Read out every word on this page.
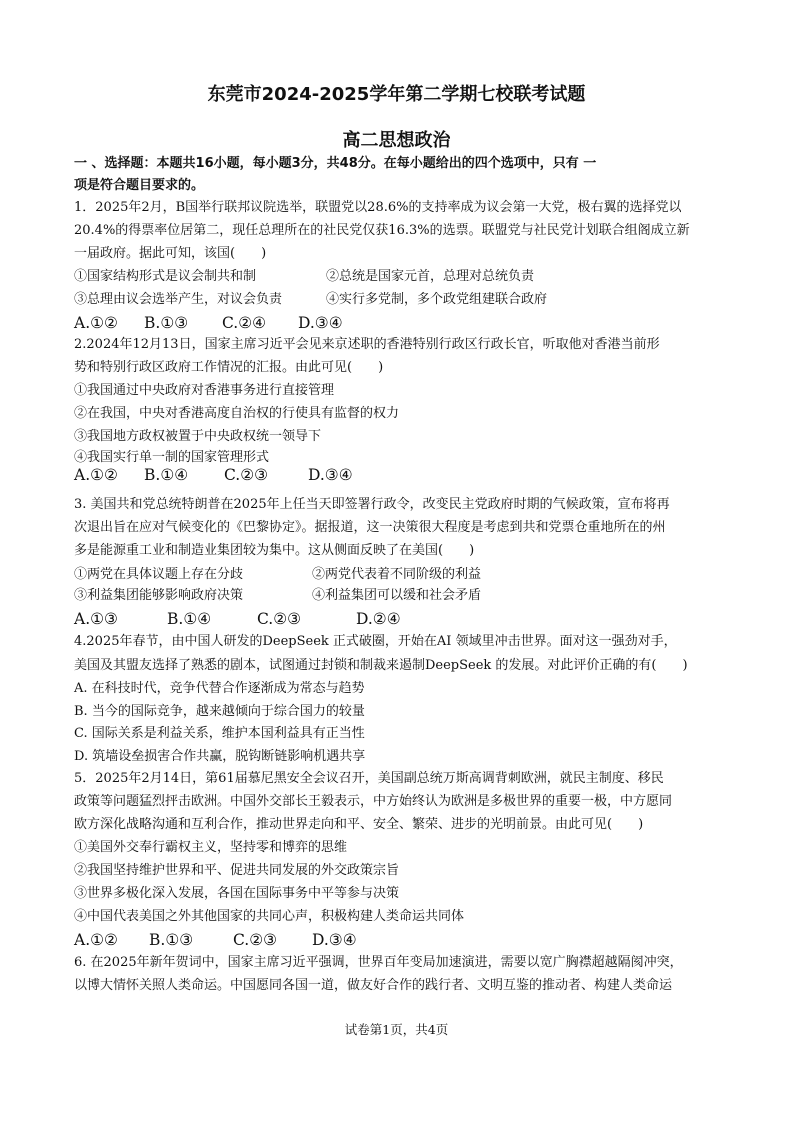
东莞市2024-2025学年第二学期七校联考试题
高二思想政治
一 、选择题：本题共16小题，每小题3分，共48分。在每小题给出的四个选项中，只有 一
项是符合题目要求的。
1．2025年2月，B国举行联邦议院选举，联盟党以28.6%的支持率成为议会第一大党，极右翼的选择党以
20.4%的得票率位居第二，现任总理所在的社民党仅获16.3%的选票。联盟党与社民党计划联合组阁成立新
一届政府。据此可知，该国(　　)
①国家结构形式是议会制共和制	②总统是国家元首，总理对总统负责
③总理由议会选举产生，对议会负责	④实行多党制，多个政党组建联合政府
A.①② B.①③ C.②④ D.③④
2.2024年12月13日，国家主席习近平会见来京述职的香港特别行政区行政长官，听取他对香港当前形
势和特别行政区政府工作情况的汇报。由此可见(　　)
①我国通过中央政府对香港事务进行直接管理
②在我国，中央对香港高度自治权的行使具有监督的权力
③我国地方政权被置于中央政权统一领导下
④我国实行单一制的国家管理形式
A.①② B.①④ C.②③	D.③④
3. 美国共和党总统特朗普在2025年上任当天即签署行政令，改变民主党政府时期的气候政策，宣布将再
次退出旨在应对气候变化的《巴黎协定》。据报道，这一决策很大程度是考虑到共和党票仓重地所在的州
多是能源重工业和制造业集团较为集中。这从侧面反映了在美国(　　)
①两党在具体议题上存在分歧	②两党代表着不同阶级的利益
③利益集团能够影响政府决策	④利益集团可以缓和社会矛盾
A.①③	B.①④	C.②③	D.②④
4.2025年春节，由中国人研发的DeepSeek 正式破圈，开始在AI 领域里冲击世界。面对这一强劲对手，
美国及其盟友选择了熟悉的剧本，试图通过封锁和制裁来遏制DeepSeek 的发展。对此评价正确的有(　　)
A. 在科技时代，竞争代替合作逐渐成为常态与趋势
B. 当今的国际竞争，越来越倾向于综合国力的较量
C. 国际关系是利益关系，维护本国利益具有正当性
D. 筑墙设垒损害合作共赢，脱钩断链影响机遇共享
5．2025年2月14日，第61届慕尼黑安全会议召开，美国副总统万斯高调背刺欧洲，就民主制度、移民
政策等问题猛烈抨击欧洲。中国外交部长王毅表示，中方始终认为欧洲是多极世界的重要一极，中方愿同
欧方深化战略沟通和互利合作，推动世界走向和平、安全、繁荣、进步的光明前景。由此可见(　　)
①美国外交奉行霸权主义，坚持零和博弈的思维
②我国坚持维护世界和平、促进共同发展的外交政策宗旨
③世界多极化深入发展，各国在国际事务中平等参与决策
④中国代表美国之外其他国家的共同心声，积极构建人类命运共同体
A.①② B.①③	C.②③ D.③④
6. 在2025年新年贺词中，国家主席习近平强调，世界百年变局加速演进，需要以宽广胸襟超越隔阂冲突，
以博大情怀关照人类命运。中国愿同各国一道，做友好合作的践行者、文明互鉴的推动者、构建人类命运
试卷第1页，共4页
